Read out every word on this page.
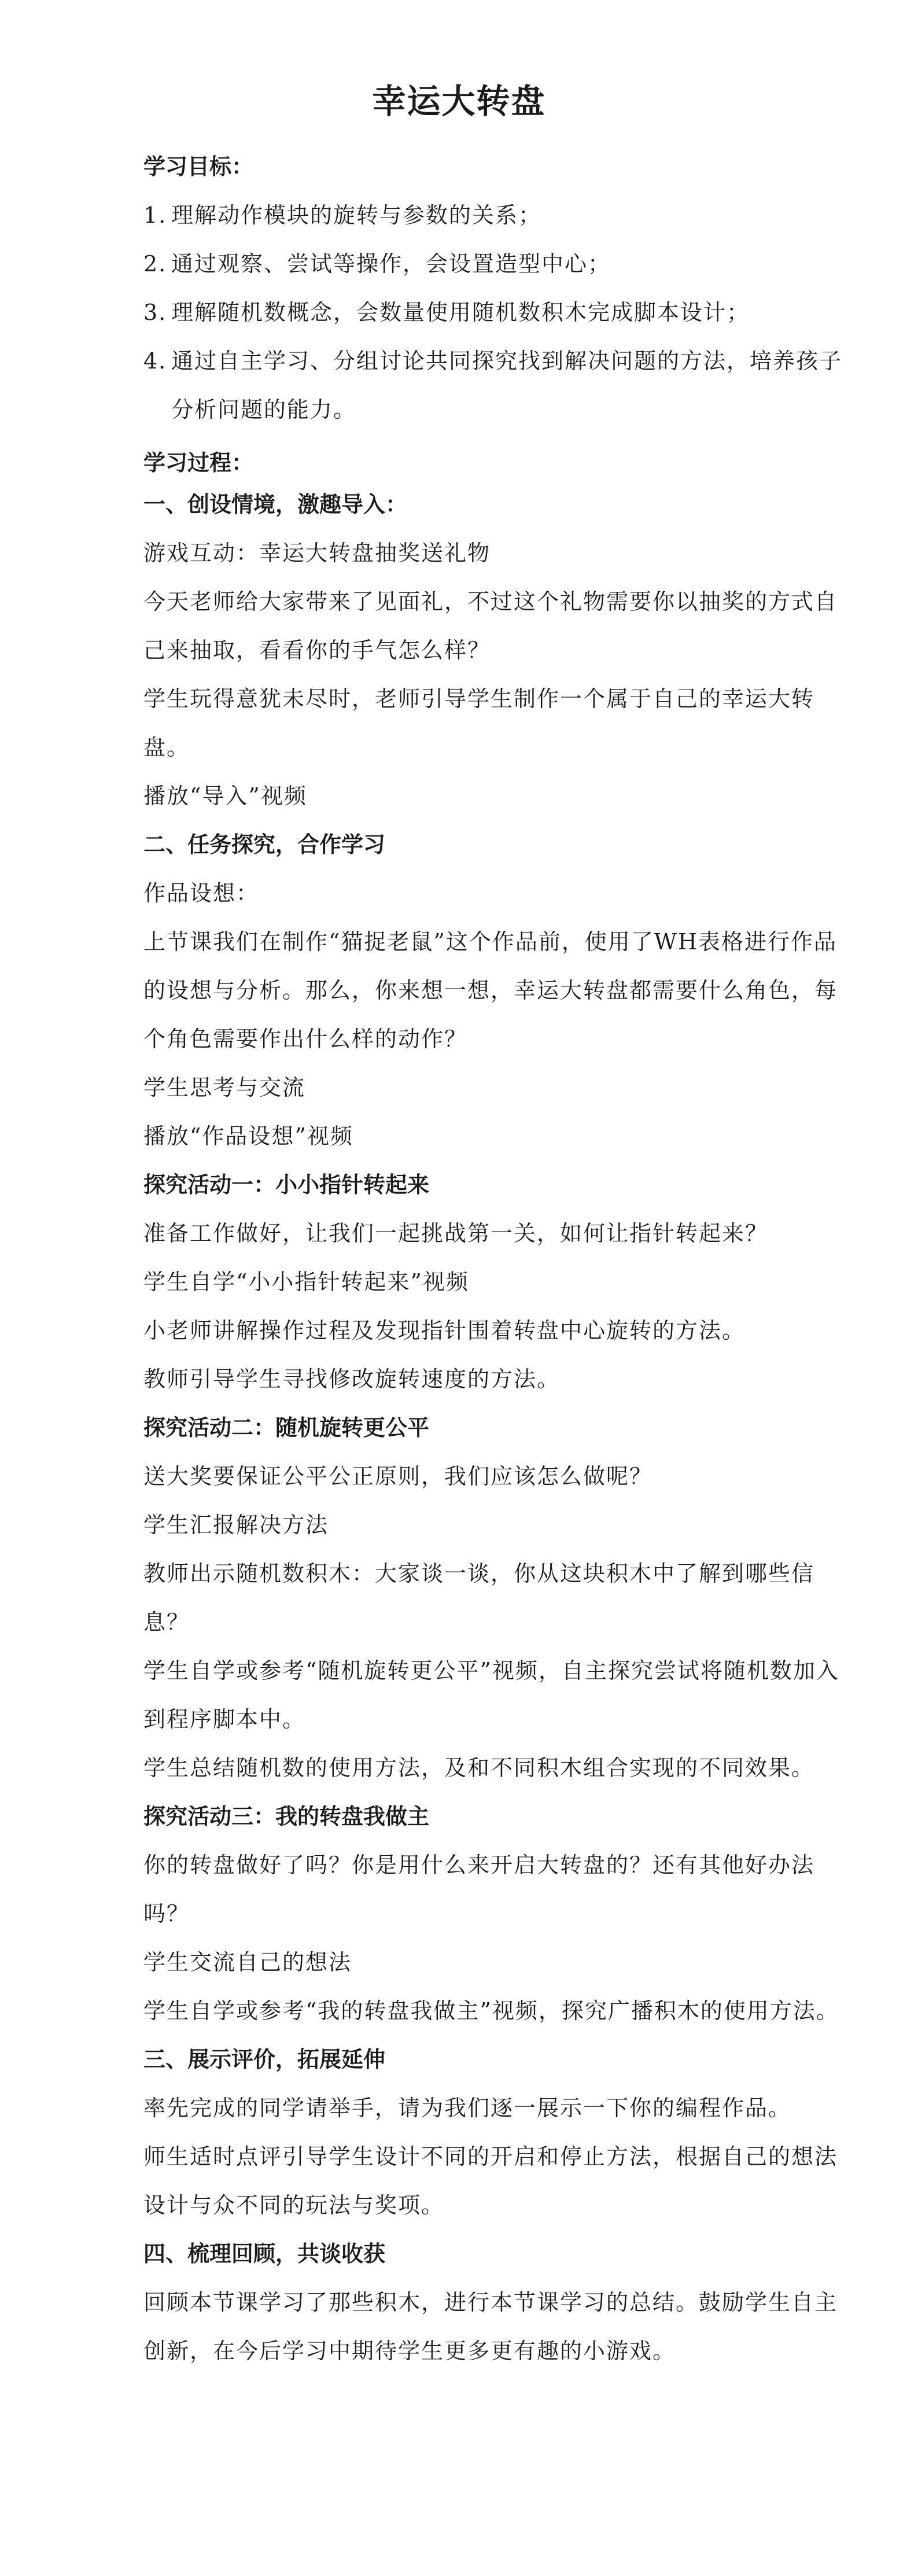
幸运大转盘
学习目标：
1. 理解动作模块的旋转与参数的关系；
2. 通过观察、尝试等操作，会设置造型中心；
3. 理解随机数概念，会数量使用随机数积木完成脚本设计；
4. 通过自主学习、分组讨论共同探究找到解决问题的方法，培养孩子分析问题的能力。
学习过程：
一、创设情境，激趣导入：

游戏互动：幸运大转盘抽奖送礼物

今天老师给大家带来了见面礼，不过这个礼物需要你以抽奖的方式自己来抽取，看看你的手气怎么样？

学生玩得意犹未尽时，老师引导学生制作一个属于自己的幸运大转盘。

播放“导入”视频

二、任务探究，合作学习

作品设想：

上节课我们在制作“猫捉老鼠”这个作品前，使用了WH表格进行作品的设想与分析。那么，你来想一想，幸运大转盘都需要什么角色，每个角色需要作出什么样的动作？

学生思考与交流

播放“作品设想”视频

探究活动一：小小指针转起来

准备工作做好，让我们一起挑战第一关，如何让指针转起来？

学生自学“小小指针转起来”视频

小老师讲解操作过程及发现指针围着转盘中心旋转的方法。

教师引导学生寻找修改旋转速度的方法。

探究活动二：随机旋转更公平

送大奖要保证公平公正原则，我们应该怎么做呢？

学生汇报解决方法

教师出示随机数积木：大家谈一谈，你从这块积木中了解到哪些信息？

学生自学或参考“随机旋转更公平”视频，自主探究尝试将随机数加入到程序脚本中。

学生总结随机数的使用方法，及和不同积木组合实现的不同效果。

探究活动三：我的转盘我做主

你的转盘做好了吗？你是用什么来开启大转盘的？还有其他好办法吗？

学生交流自己的想法

学生自学或参考“我的转盘我做主”视频，探究广播积木的使用方法。

三、展示评价，拓展延伸

率先完成的同学请举手，请为我们逐一展示一下你的编程作品。

师生适时点评引导学生设计不同的开启和停止方法，根据自己的想法设计与众不同的玩法与奖项。

四、梳理回顾，共谈收获

回顾本节课学习了那些积木，进行本节课学习的总结。鼓励学生自主创新，在今后学习中期待学生更多更有趣的小游戏。
